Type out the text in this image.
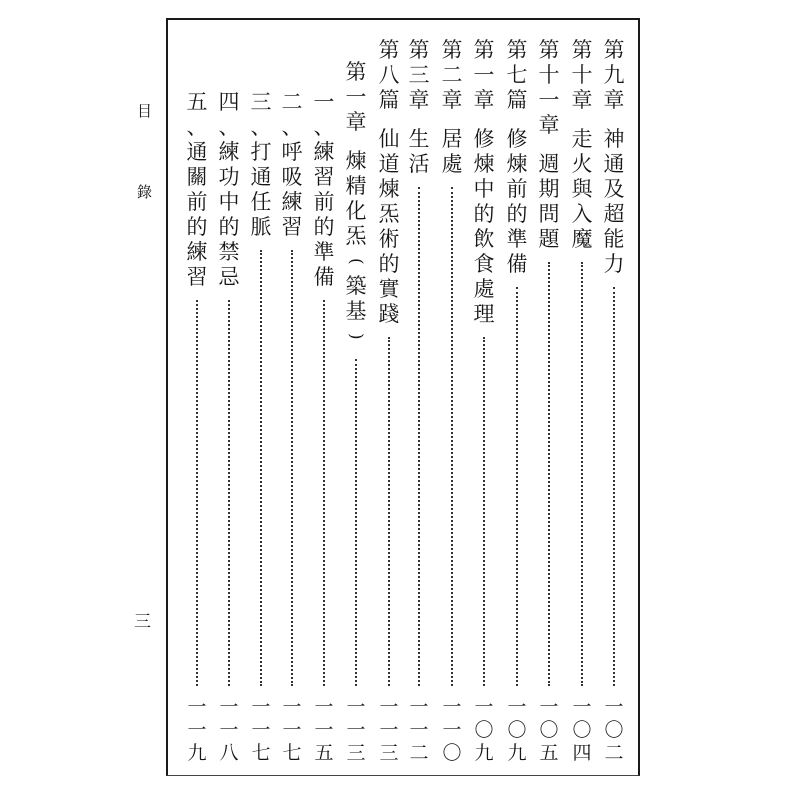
目
錄
三
第
九
章
神
通
及
超
能
力
一
〇
二
第
十
章
走
火
與
入
魔
一
〇
四
第
十
一
章
週
期
問
題
一
〇
五
第
七
篇
修
煉
前
的
準
備
一
〇
九
第
一
章
修
煉
中
的
飲
食
處
理
一
〇
九
第
二
章
居
處
一
一
〇
第
三
章
生
活
一
一
二
第
八
篇
仙
道
煉
炁
術
的
實
踐
一
一
三
第
一
章
煉
精
化
炁
(
築
基
)
一
一
三
一
、
練
習
前
的
準
備
一
一
五
二
、
呼
吸
練
習
一
一
七
三
、
打
通
任
脈
一
一
七
四
、
練
功
中
的
禁
忌
一
一
八
五
、
通
關
前
的
練
習
一
一
九
